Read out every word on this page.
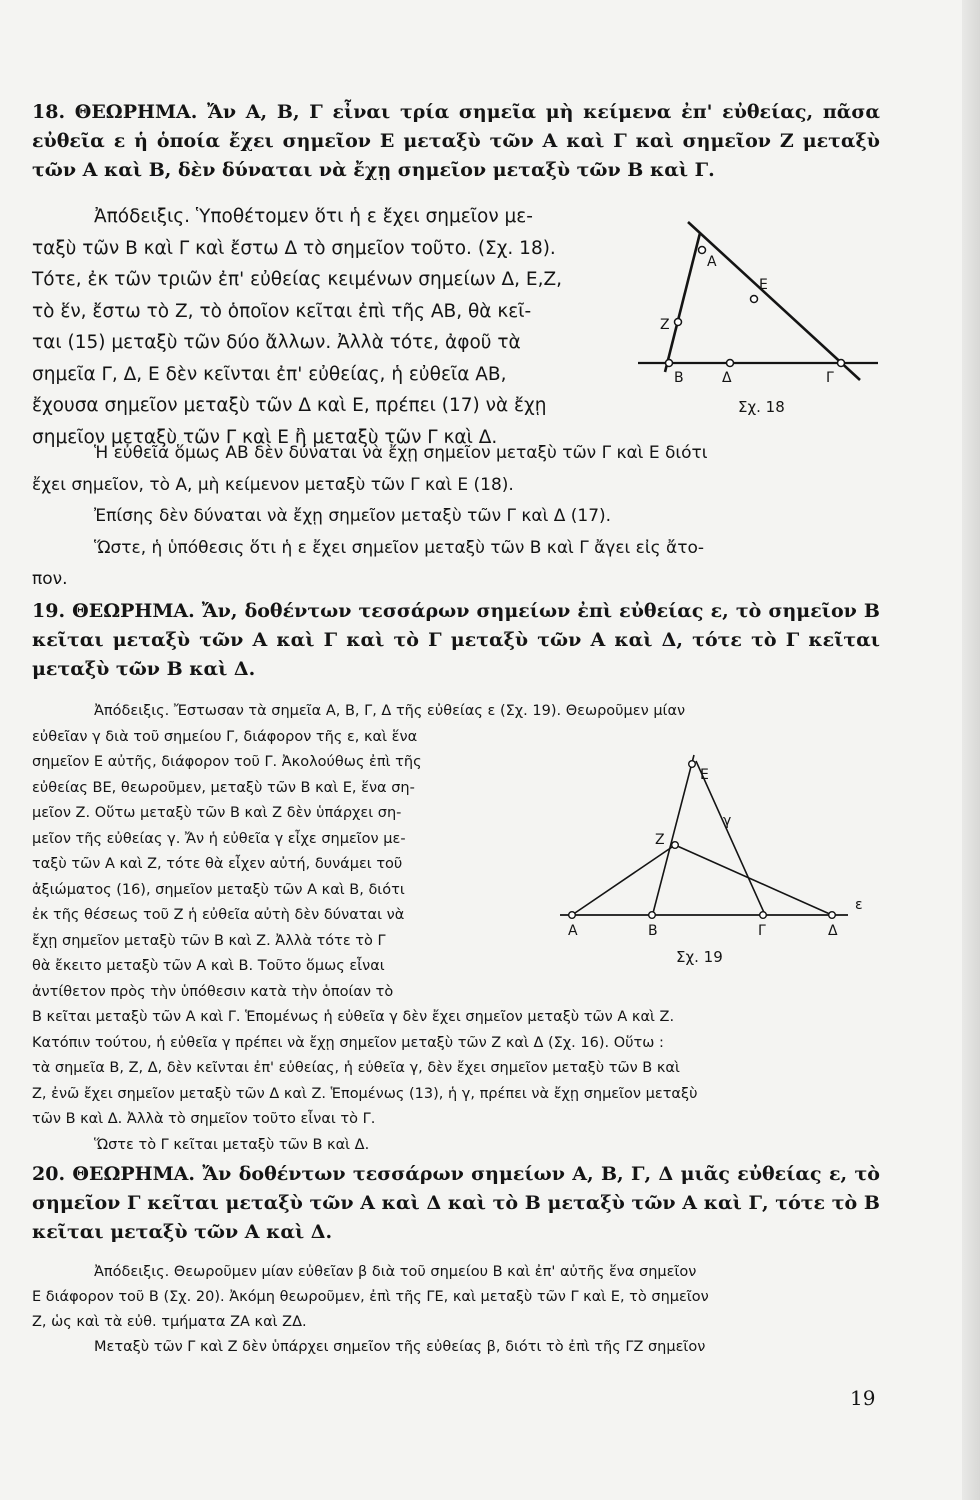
18. ΘΕΩΡΗΜΑ. Ἄν Α, Β, Γ εἶναι τρία σημεῖα μὴ κείμενα ἐπ' εὐθείας, πᾶσα εὐθεῖα ε ἡ ὁποία ἔχει σημεῖον Ε μεταξὺ τῶν Α καὶ Γ καὶ σημεῖον Ζ μεταξὺ τῶν Α καὶ Β, δὲν δύναται νὰ ἔχῃ σημεῖον μεταξὺ τῶν Β καὶ Γ.

Ἀπόδειξις. Ὑποθέτομεν ὅτι ἡ ε ἔχει σημεῖον με-
ταξὺ τῶν Β καὶ Γ καὶ ἔστω Δ τὸ σημεῖον τοῦτο. (Σχ. 18).
Τότε, ἐκ τῶν τριῶν ἐπ' εὐθείας κειμένων σημείων Δ, Ε,Ζ,
τὸ ἕν, ἔστω τὸ Ζ, τὸ ὁποῖον κεῖται ἐπὶ τῆς ΑΒ, θὰ κεῖ-
ται (15) μεταξὺ τῶν δύο ἄλλων. Ἀλλὰ τότε, ἀφοῦ τὰ
σημεῖα Γ, Δ, Ε δὲν κεῖνται ἐπ' εὐθείας, ἡ εὐθεῖα ΑΒ,
ἔχουσα σημεῖον μεταξὺ τῶν Δ καὶ Ε, πρέπει (17) νὰ ἔχῃ
σημεῖον μεταξὺ τῶν Γ καὶ Ε ἢ μεταξὺ τῶν Γ καὶ Δ.
Α
Ε
Ζ
Β	Δ	Γ
Σχ. 18
Ἡ εὐθεῖα ὅμως ΑΒ δὲν δύναται νὰ ἔχῃ σημεῖον μεταξὺ τῶν Γ καὶ Ε διότι
ἔχει σημεῖον, τὸ Α, μὴ κείμενον μεταξὺ τῶν Γ καὶ Ε (18).
Ἐπίσης δὲν δύναται νὰ ἔχῃ σημεῖον μεταξὺ τῶν Γ καὶ Δ (17).
Ὥστε, ἡ ὑπόθεσις ὅτι ἡ ε ἔχει σημεῖον μεταξὺ τῶν Β καὶ Γ ἄγει εἰς ἄτο-
πον.

19. ΘΕΩΡΗΜΑ. Ἄν, δοθέντων τεσσάρων σημείων ἐπὶ εὐθείας ε, τὸ σημεῖον Β κεῖται μεταξὺ τῶν Α καὶ Γ καὶ τὸ Γ μεταξὺ τῶν Α καὶ Δ, τότε τὸ Γ κεῖται μεταξὺ τῶν Β καὶ Δ.

Ἀπόδειξις. Ἔστωσαν τὰ σημεῖα Α, Β, Γ, Δ τῆς εὐθείας ε (Σχ. 19). Θεωροῦμεν μίαν
εὐθεῖαν γ διὰ τοῦ σημείου Γ, διάφορον τῆς ε, καὶ ἕνα
σημεῖον Ε αὐτῆς, διάφορον τοῦ Γ. Ἀκολούθως ἐπὶ τῆς
εὐθείας ΒΕ, θεωροῦμεν, μεταξὺ τῶν Β καὶ Ε, ἕνα ση-
μεῖον Ζ. Οὕτω μεταξὺ τῶν Β καὶ Ζ δὲν ὑπάρχει ση-
μεῖον τῆς εὐθείας γ. Ἄν ἡ εὐθεῖα γ εἶχε σημεῖον με-
ταξὺ τῶν Α καὶ Ζ, τότε θὰ εἶχεν αὐτή, δυνάμει τοῦ
ἀξιώματος (16), σημεῖον μεταξὺ τῶν Α καὶ Β, διότι
ἐκ τῆς θέσεως τοῦ Ζ ἡ εὐθεῖα αὐτὴ δὲν δύναται νὰ
ἔχῃ σημεῖον μεταξὺ τῶν Β καὶ Ζ. Ἀλλὰ τότε τὸ Γ
θὰ ἔκειτο μεταξὺ τῶν Α καὶ Β. Τοῦτο ὅμως εἶναι
ἀντίθετον πρὸς τὴν ὑπόθεσιν κατὰ τὴν ὁποίαν τὸ
Β κεῖται μεταξὺ τῶν Α καὶ Γ. Ἑπομένως ἡ εὐθεῖα γ δὲν ἔχει σημεῖον μεταξὺ τῶν Α καὶ Ζ.
Κατόπιν τούτου, ἡ εὐθεῖα γ πρέπει νὰ ἔχῃ σημεῖον μεταξὺ τῶν Ζ καὶ Δ (Σχ. 16). Οὕτω :
τὰ σημεῖα Β, Ζ, Δ, δὲν κεῖνται ἐπ' εὐθείας, ἡ εὐθεῖα γ, δὲν ἔχει σημεῖον μεταξὺ τῶν Β καὶ
Ζ, ἐνῶ ἔχει σημεῖον μεταξὺ τῶν Δ καὶ Ζ. Ἑπομένως (13), ἡ γ, πρέπει νὰ ἔχῃ σημεῖον μεταξὺ
τῶν Β καὶ Δ. Ἀλλὰ τὸ σημεῖον τοῦτο εἶναι τὸ Γ.
Ὥστε τὸ Γ κεῖται μεταξὺ τῶν Β καὶ Δ.
Ε
γ
Ζ
ε
Α	Β	Γ	Δ
Σχ. 19

20. ΘΕΩΡΗΜΑ. Ἄν δοθέντων τεσσάρων σημείων Α, Β, Γ, Δ μιᾶς εὐθείας ε, τὸ σημεῖον Γ κεῖται μεταξὺ τῶν Α καὶ Δ καὶ τὸ Β μεταξὺ τῶν Α καὶ Γ, τότε τὸ Β κεῖται μεταξὺ τῶν Α καὶ Δ.

Ἀπόδειξις. Θεωροῦμεν μίαν εὐθεῖαν β διὰ τοῦ σημείου Β καὶ ἐπ' αὐτῆς ἕνα σημεῖον
Ε διάφορον τοῦ Β (Σχ. 20). Ἀκόμη θεωροῦμεν, ἐπὶ τῆς ΓΕ, καὶ μεταξὺ τῶν Γ καὶ Ε, τὸ σημεῖον
Ζ, ὡς καὶ τὰ εὐθ. τμήματα ΖΑ καὶ ΖΔ.
Μεταξὺ τῶν Γ καὶ Ζ δὲν ὑπάρχει σημεῖον τῆς εὐθείας β, διότι τὸ ἐπὶ τῆς ΓΖ σημεῖον
19
